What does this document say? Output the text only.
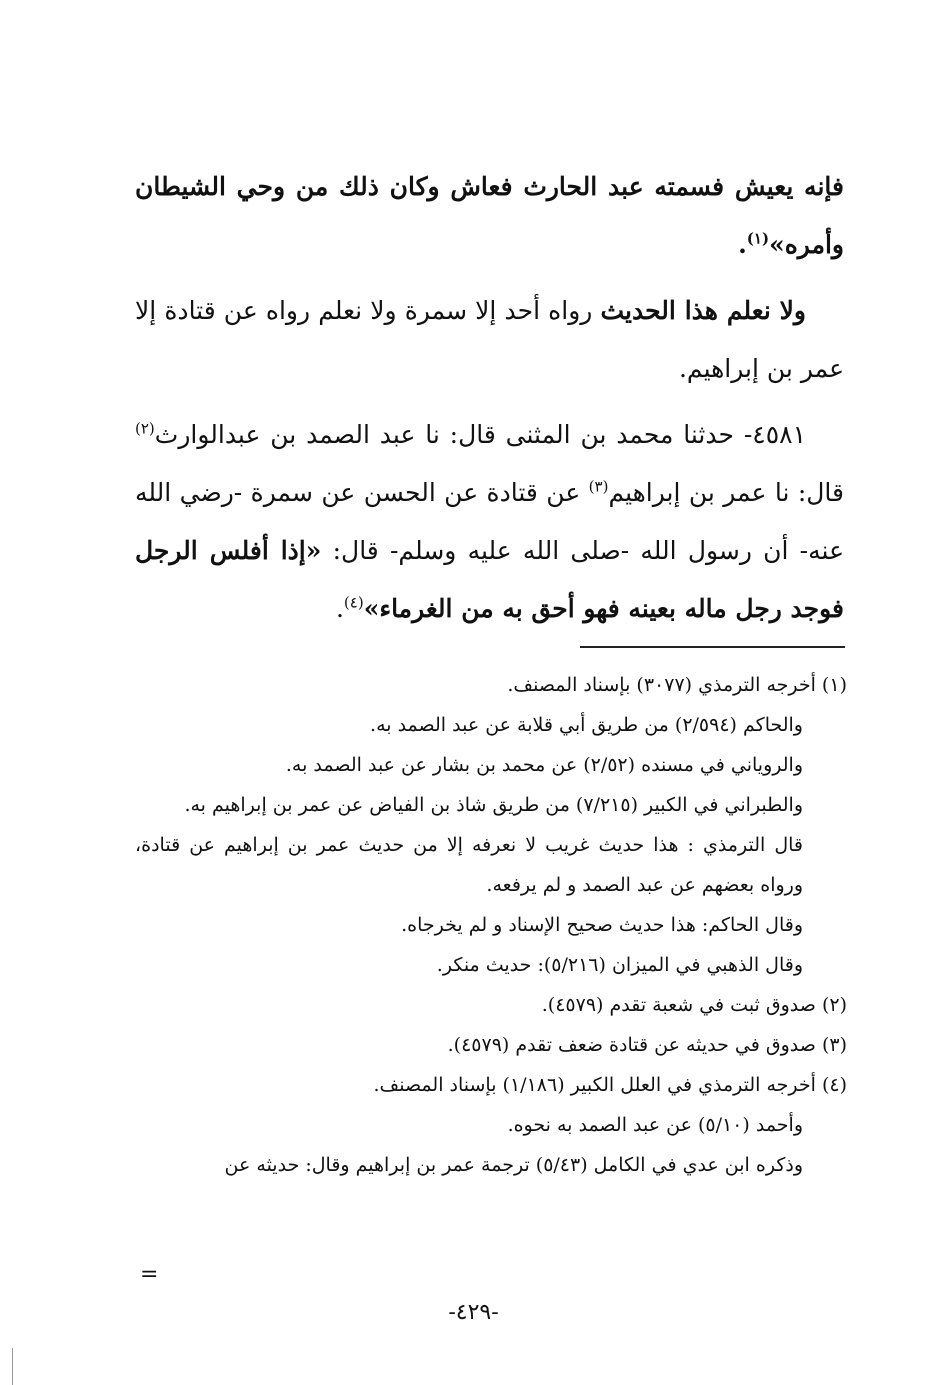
فإنه يعيش فسمته عبد الحارث فعاش وكان ذلك من وحي الشيطان وأمره»$^{(١)}$.

ولا نعلم هذا الحديث رواه أحد إلا سمرة ولا نعلم رواه عن قتادة إلا عمر بن إبراهيم.

٤٥٨١- حدثنا محمد بن المثنى قال: نا عبد الصمد بن عبدالوارث$^{(٢)}$ قال: نا عمر بن إبراهيم$^{(٣)}$ عن قتادة عن الحسن عن سمرة -رضي الله عنه- أن رسول الله -صلى الله عليه وسلم- قال: «إذا أفلس الرجل فوجد رجل ماله بعينه فهو أحق به من الغرماء»$^{(٤)}$.

(١) أخرجه الترمذي (٣٠٧٧) بإسناد المصنف.

والحاكم (٢/٥٩٤) من طريق أبي قلابة عن عبد الصمد به.

والروياني في مسنده (٢/٥٢) عن محمد بن بشار عن عبد الصمد به.

والطبراني في الكبير (٧/٢١٥) من طريق شاذ بن الفياض عن عمر بن إبراهيم به.

قال الترمذي : هذا حديث غريب لا نعرفه إلا من حديث عمر بن إبراهيم عن قتادة، ورواه بعضهم عن عبد الصمد و لم يرفعه.

وقال الحاكم: هذا حديث صحيح الإسناد و لم يخرجاه.

وقال الذهبي في الميزان (٥/٢١٦): حديث منكر.

(٢) صدوق ثبت في شعبة تقدم (٤٥٧٩).

(٣) صدوق في حديثه عن قتادة ضعف تقدم (٤٥٧٩).

(٤) أخرجه الترمذي في العلل الكبير (١/١٨٦) بإسناد المصنف.

وأحمد (٥/١٠) عن عبد الصمد به نحوه.

وذكره ابن عدي في الكامل (٥/٤٣) ترجمة عمر بن إبراهيم وقال: حديثه عن

=
-٤٢٩-
